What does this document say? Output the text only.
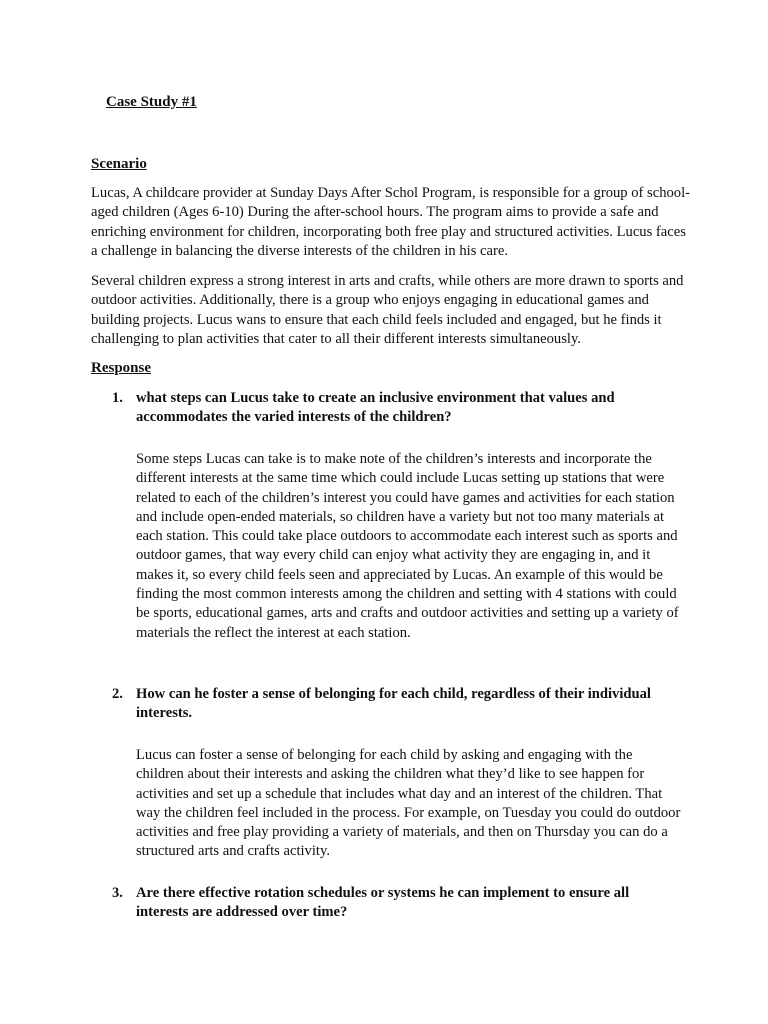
Case Study #1
Scenario

Lucas, A childcare provider at Sunday Days After Schol Program, is responsible for a group of school-aged children (Ages 6-10) During the after-school hours. The program aims to provide a safe and enriching environment for children, incorporating both free play and structured activities. Lucus faces a challenge in balancing the diverse interests of the children in his care.

Several children express a strong interest in arts and crafts, while others are more drawn to sports and outdoor activities. Additionally, there is a group who enjoys engaging in educational games and building projects. Lucus wans to ensure that each child feels included and engaged, but he finds it challenging to plan activities that cater to all their different interests simultaneously.

Response
1. what steps can Lucus take to create an inclusive environment that values and accommodates the varied interests of the children?

Some steps Lucas can take is to make note of the children’s interests and incorporate the different interests at the same time which could include Lucas setting up stations that were related to each of the children’s interest you could have games and activities for each station and include open-ended materials, so children have a variety but not too many materials at each station. This could take place outdoors to accommodate each interest such as sports and outdoor games, that way every child can enjoy what activity they are engaging in, and it makes it, so every child feels seen and appreciated by Lucas. An example of this would be finding the most common interests among the children and setting with 4 stations with could be sports, educational games, arts and crafts and outdoor activities and setting up a variety of materials the reflect the interest at each station.

2. How can he foster a sense of belonging for each child, regardless of their individual interests.

Lucus can foster a sense of belonging for each child by asking and engaging with the children about their interests and asking the children what they’d like to see happen for activities and set up a schedule that includes what day and an interest of the children. That way the children feel included in the process. For example, on Tuesday you could do outdoor activities and free play providing a variety of materials, and then on Thursday you can do a structured arts and crafts activity.

3. Are there effective rotation schedules or systems he can implement to ensure all interests are addressed over time?
